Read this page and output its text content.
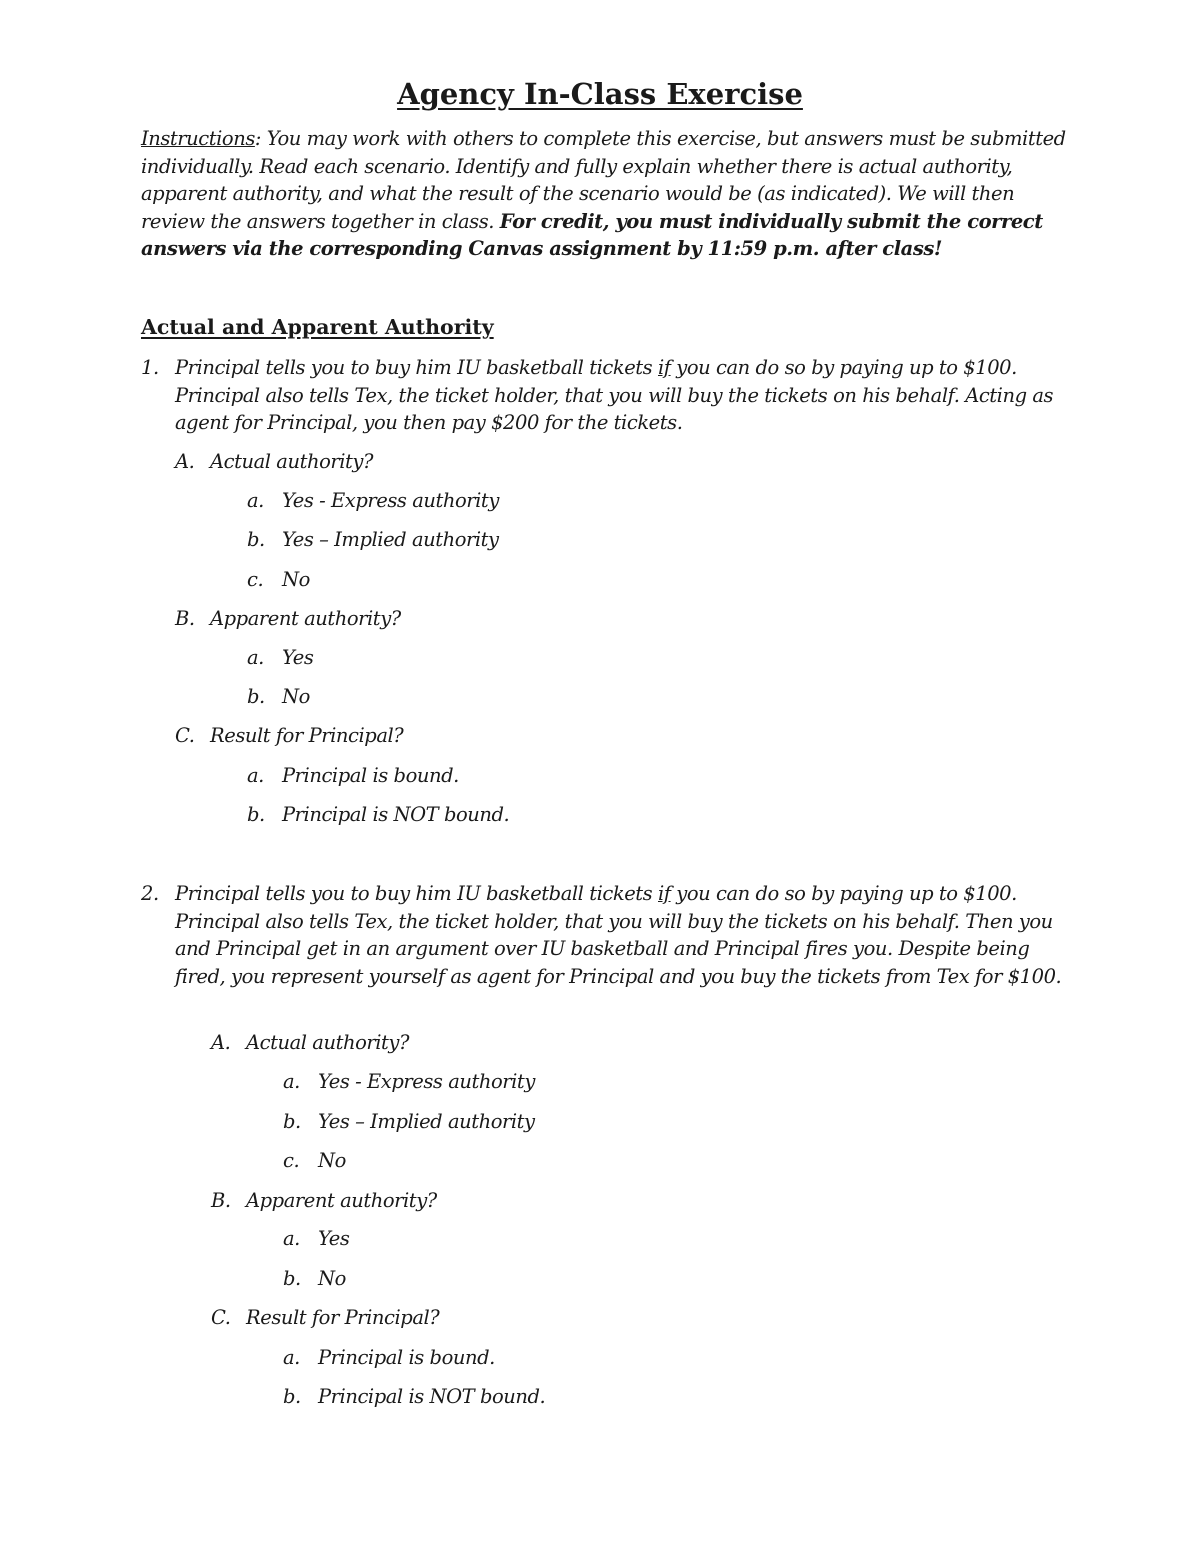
Agency In-Class Exercise
Instructions: You may work with others to complete this exercise, but answers must be submitted individually. Read each scenario. Identify and fully explain whether there is actual authority, apparent authority, and what the result of the scenario would be (as indicated). We will then review the answers together in class. For credit, you must individually submit the correct answers via the corresponding Canvas assignment by 11:59 p.m. after class!
Actual and Apparent Authority
1. Principal tells you to buy him IU basketball tickets if you can do so by paying up to $100. Principal also tells Tex, the ticket holder, that you will buy the tickets on his behalf. Acting as agent for Principal, you then pay $200 for the tickets.
A. Actual authority?
a. Yes - Express authority
b. Yes – Implied authority
c. No
B. Apparent authority?
a. Yes
b. No
C. Result for Principal?
a. Principal is bound.
b. Principal is NOT bound.
2. Principal tells you to buy him IU basketball tickets if you can do so by paying up to $100. Principal also tells Tex, the ticket holder, that you will buy the tickets on his behalf. Then you and Principal get in an argument over IU basketball and Principal fires you. Despite being fired, you represent yourself as agent for Principal and you buy the tickets from Tex for $100.
A. Actual authority?
a. Yes - Express authority
b. Yes – Implied authority
c. No
B. Apparent authority?
a. Yes
b. No
C. Result for Principal?
a. Principal is bound.
b. Principal is NOT bound.
